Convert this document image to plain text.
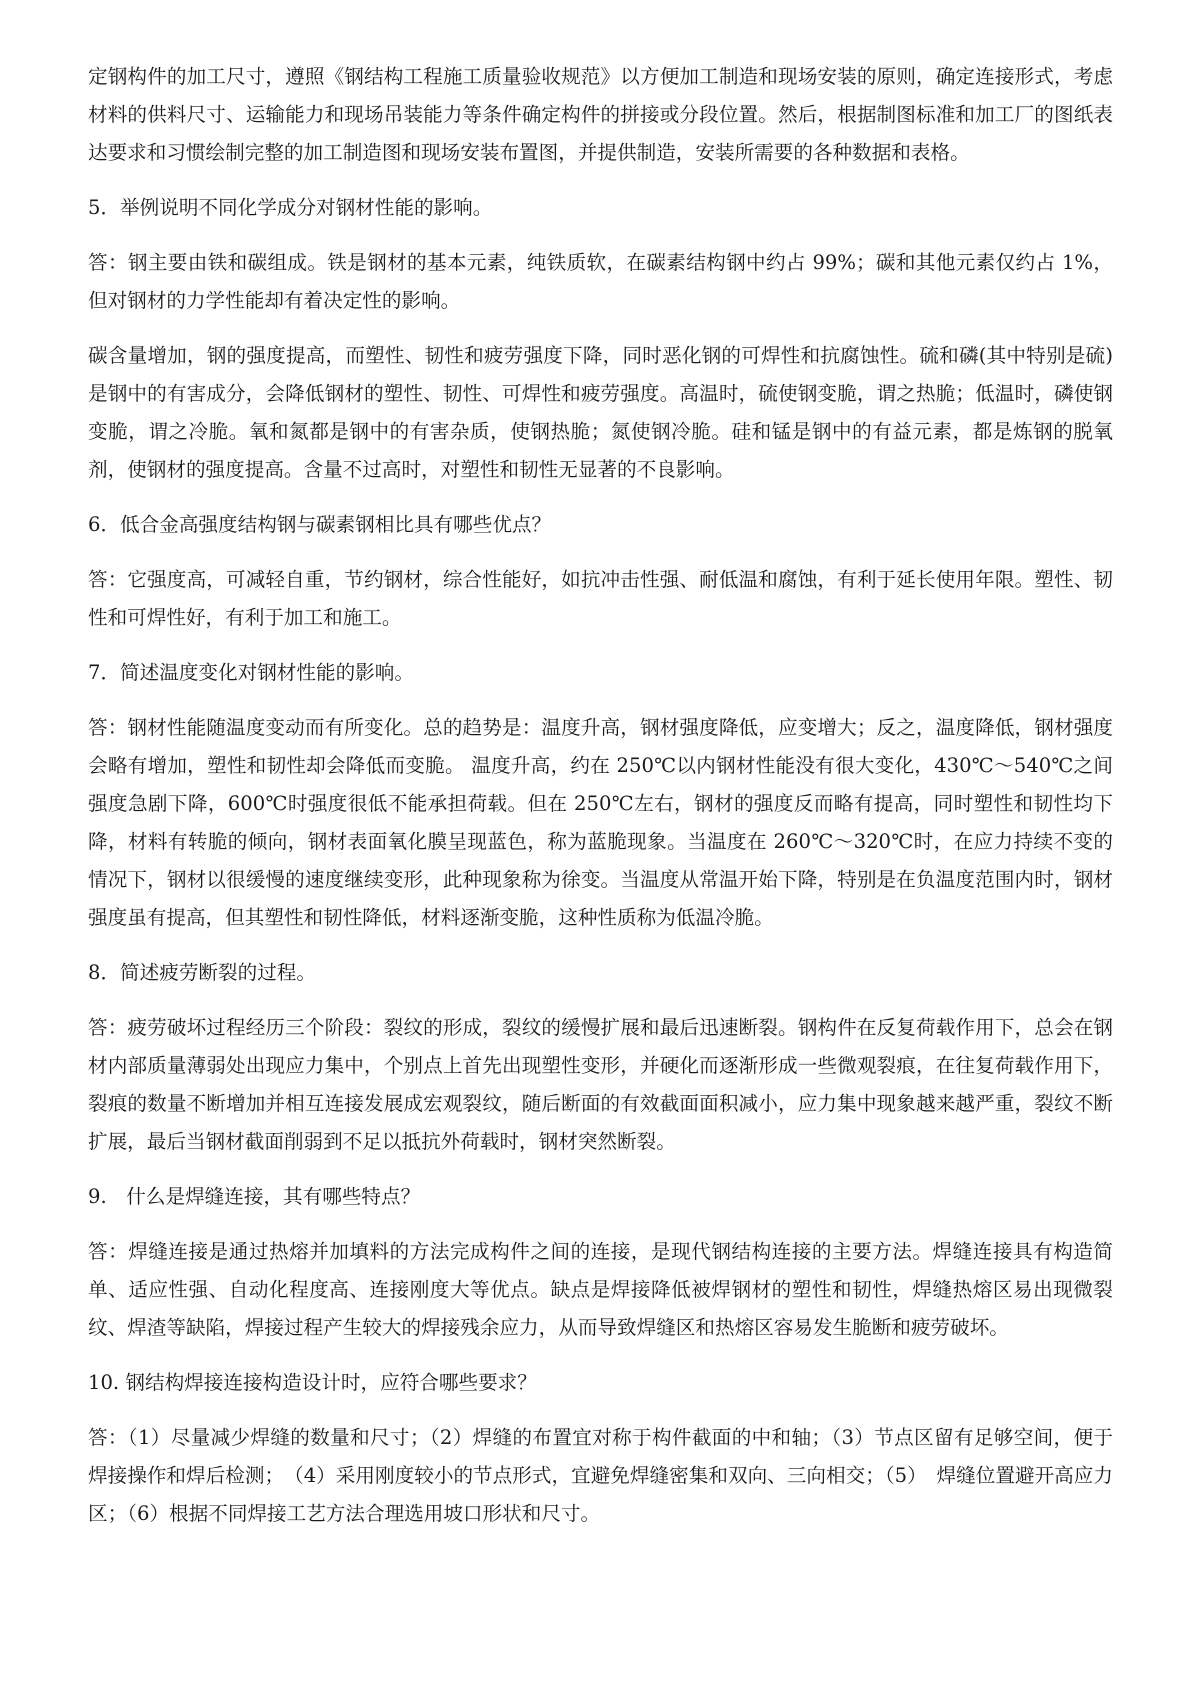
定钢构件的加工尺寸，遵照《钢结构工程施工质量验收规范》以方便加工制造和现场安装的原则，确定连接形式，考虑材料的供料尺寸、运输能力和现场吊装能力等条件确定构件的拼接或分段位置。然后，根据制图标准和加工厂的图纸表达要求和习惯绘制完整的加工制造图和现场安装布置图，并提供制造，安装所需要的各种数据和表格。

5．举例说明不同化学成分对钢材性能的影响。

答：钢主要由铁和碳组成。铁是钢材的基本元素，纯铁质软，在碳素结构钢中约占 99%；碳和其他元素仅约占 1%，但对钢材的力学性能却有着决定性的影响。

碳含量增加，钢的强度提高，而塑性、韧性和疲劳强度下降，同时恶化钢的可焊性和抗腐蚀性。硫和磷(其中特别是硫)是钢中的有害成分，会降低钢材的塑性、韧性、可焊性和疲劳强度。高温时，硫使钢变脆，谓之热脆；低温时，磷使钢变脆，谓之冷脆。氧和氮都是钢中的有害杂质，使钢热脆；氮使钢冷脆。硅和锰是钢中的有益元素，都是炼钢的脱氧剂，使钢材的强度提高。含量不过高时，对塑性和韧性无显著的不良影响。

6．低合金高强度结构钢与碳素钢相比具有哪些优点？

答：它强度高，可减轻自重，节约钢材，综合性能好，如抗冲击性强、耐低温和腐蚀，有利于延长使用年限。塑性、韧性和可焊性好，有利于加工和施工。

7．简述温度变化对钢材性能的影响。

答：钢材性能随温度变动而有所变化。总的趋势是：温度升高，钢材强度降低，应变增大；反之，温度降低，钢材强度会略有增加，塑性和韧性却会降低而变脆。 温度升高，约在 250℃以内钢材性能没有很大变化，430℃～540℃之间强度急剧下降，600℃时强度很低不能承担荷载。但在 250℃左右，钢材的强度反而略有提高，同时塑性和韧性均下降，材料有转脆的倾向，钢材表面氧化膜呈现蓝色，称为蓝脆现象。当温度在 260℃～320℃时，在应力持续不变的情况下，钢材以很缓慢的速度继续变形，此种现象称为徐变。当温度从常温开始下降，特别是在负温度范围内时，钢材强度虽有提高，但其塑性和韧性降低，材料逐渐变脆，这种性质称为低温冷脆。

8．简述疲劳断裂的过程。

答：疲劳破坏过程经历三个阶段：裂纹的形成，裂纹的缓慢扩展和最后迅速断裂。钢构件在反复荷载作用下，总会在钢材内部质量薄弱处出现应力集中，个别点上首先出现塑性变形，并硬化而逐渐形成一些微观裂痕，在往复荷载作用下，裂痕的数量不断增加并相互连接发展成宏观裂纹，随后断面的有效截面面积减小，应力集中现象越来越严重，裂纹不断扩展，最后当钢材截面削弱到不足以抵抗外荷载时，钢材突然断裂。

9.　什么是焊缝连接，其有哪些特点？

答：焊缝连接是通过热熔并加填料的方法完成构件之间的连接，是现代钢结构连接的主要方法。焊缝连接具有构造简单、适应性强、自动化程度高、连接刚度大等优点。缺点是焊接降低被焊钢材的塑性和韧性，焊缝热熔区易出现微裂纹、焊渣等缺陷，焊接过程产生较大的焊接残余应力，从而导致焊缝区和热熔区容易发生脆断和疲劳破坏。

10. 钢结构焊接连接构造设计时，应符合哪些要求？

答：（1）尽量减少焊缝的数量和尺寸；（2）焊缝的布置宜对称于构件截面的中和轴；（3）节点区留有足够空间，便于焊接操作和焊后检测；　（4）采用刚度较小的节点形式，宜避免焊缝密集和双向、三向相交；（5）　焊缝位置避开高应力区；（6）根据不同焊接工艺方法合理选用坡口形状和尺寸。
